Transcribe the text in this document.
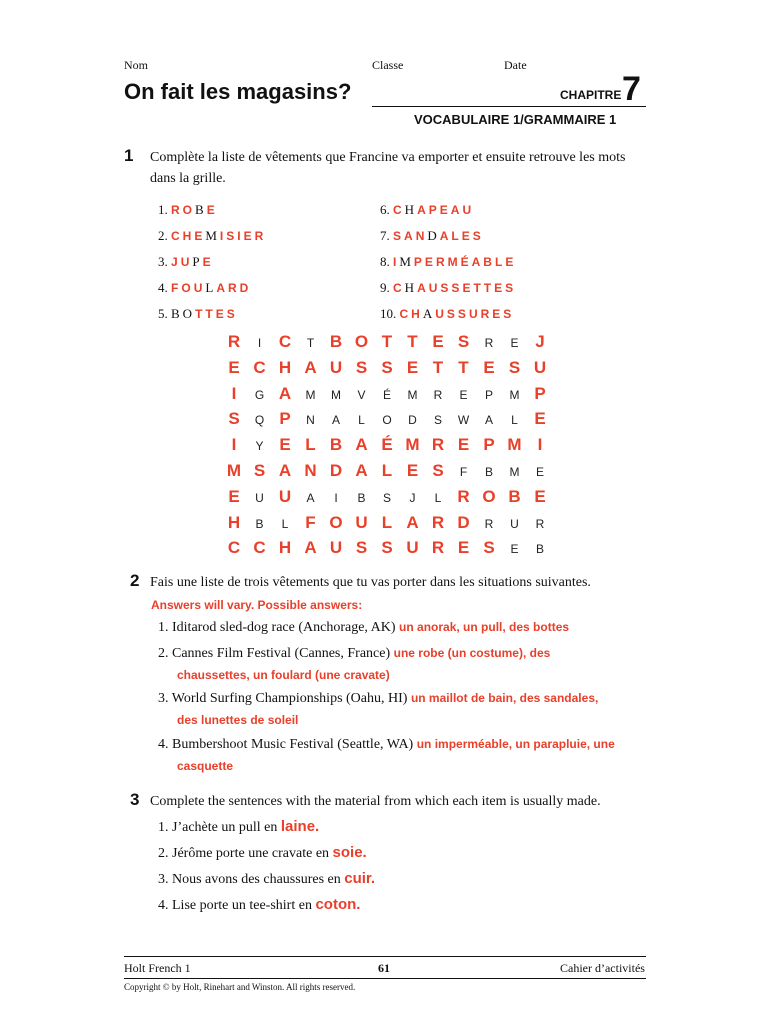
Nom	Classe	Date
On fait les magasins?	CHAPITRE 7
VOCABULAIRE 1/GRAMMAIRE 1
1 Complète la liste de vêtements que Francine va emporter et ensuite retrouve les mots
dans la grille.
1. ROBE
2. CHEMISIER
3. JUPE
4. FOULARD
5. BOTTES
6. CHAPEAU
7. SANDALES
8. IMPERMÉABLE
9. CHAUSSETTES
10. CHAUSSURES
R	I	C	T B O T T E S	R	E J
E C H A U S S E T T E S U
I	G A	M	M	V	É	M	R	E	P	M P
S	Q P	N	A	L	O	D	S	W	A	L E
I	Y E L B A É M R E P M I
M S A N D A L E S	F	B	M	E
E	U U	A	I	B	S	J	L R O B E
H	B	L F O U L A R D	R	U	R
C C H A U S S U R E S	E	B
2 Fais une liste de trois vêtements que tu vas porter dans les situations suivantes.
Answers will vary. Possible answers:
1. Iditarod sled-dog race (Anchorage, AK) un anorak, un pull, des bottes
2. Cannes Film Festival (Cannes, France) une robe (un costume), des
chaussettes, un foulard (une cravate)
3. World Surfing Championships (Oahu, HI) un maillot de bain, des sandales,
des lunettes de soleil
4. Bumbershoot Music Festival (Seattle, WA) un imperméable, un parapluie, une
casquette
3 Complete the sentences with the material from which each item is usually made.
1. J’achète un pull en laine.
2. Jérôme porte une cravate en soie.
3. Nous avons des chaussures en cuir.
4. Lise porte un tee-shirt en coton.
Holt French 1	61	Cahier d’activités
Copyright © by Holt, Rinehart and Winston. All rights reserved.
